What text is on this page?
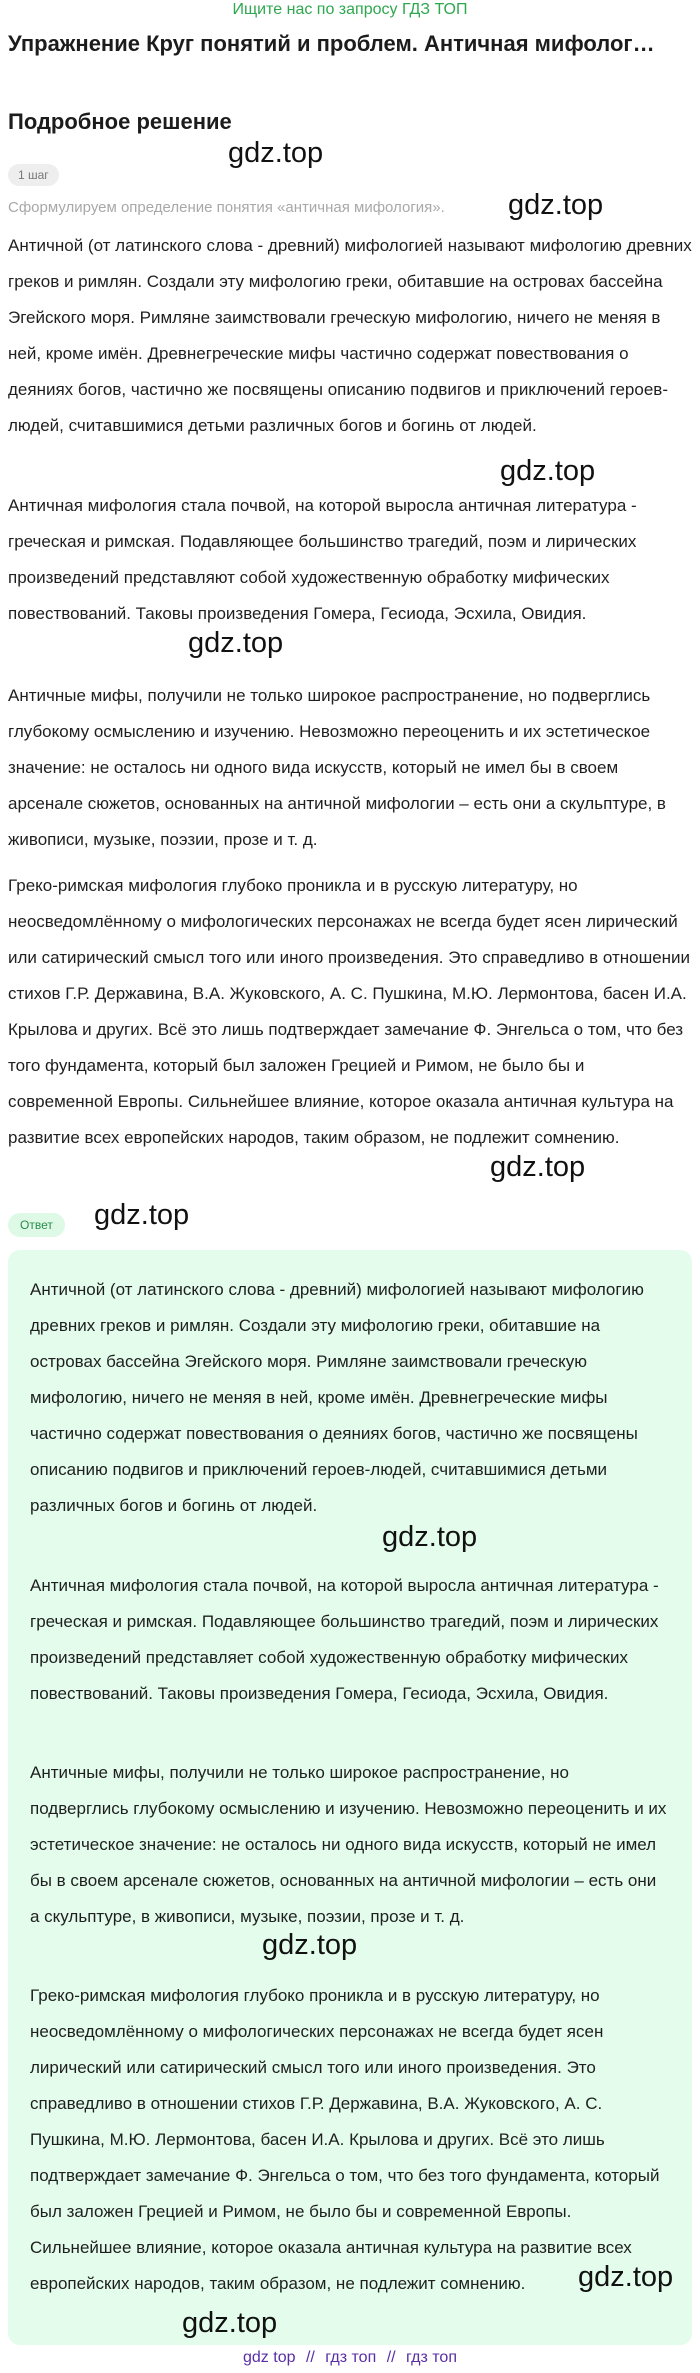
Ищите нас по запросу ГДЗ ТОП
Упражнение Круг понятий и проблем. Античная мифолог…
Подробное решение
1 шаг
Сформулируем определение понятия «античная мифология».

Античной (от латинского слова - древний) мифологией называют мифологию древних греков и римлян. Создали эту мифологию греки, обитавшие на островах бассейна Эгейского моря. Римляне заимствовали греческую мифологию, ничего не меняя в ней, кроме имён. Древнегреческие мифы частично содержат повествования о деяниях богов, частично же посвящены описанию подвигов и приключений героев-людей, считавшимися детьми различных богов и богинь от людей.

Античная мифология стала почвой, на которой выросла античная литература - греческая и римская. Подавляющее большинство трагедий, поэм и лирических произведений представляют собой художественную обработку мифических повествований. Таковы произведения Гомера, Гесиода, Эсхила, Овидия.

Античные мифы, получили не только широкое распространение, но подверглись глубокому осмыслению и изучению. Невозможно переоценить и их эстетическое значение: не осталось ни одного вида искусств, который не имел бы в своем арсенале сюжетов, основанных на античной мифологии – есть они а скульптуре, в живописи, музыке, поэзии, прозе и т. д.

Греко-римская мифология глубоко проникла и в русскую литературу, но неосведомлённому о мифологических персонажах не всегда будет ясен лирический или сатирический смысл того или иного произведения. Это справедливо в отношении стихов Г.Р. Державина, В.А. Жуковского, А. С. Пушкина, М.Ю. Лермонтова, басен И.А. Крылова и других. Всё это лишь подтверждает замечание Ф. Энгельса о том, что без того фундамента, который был заложен Грецией и Римом, не было бы и современной Европы. Сильнейшее влияние, которое оказала античная культура на развитие всех европейских народов, таким образом, не подлежит сомнению.

Ответ

Античной (от латинского слова - древний) мифологией называют мифологию древних греков и римлян. Создали эту мифологию греки, обитавшие на островах бассейна Эгейского моря. Римляне заимствовали греческую мифологию, ничего не меняя в ней, кроме имён. Древнегреческие мифы частично содержат повествования о деяниях богов, частично же посвящены описанию подвигов и приключений героев-людей, считавшимися детьми различных богов и богинь от людей.

Античная мифология стала почвой, на которой выросла античная литература - греческая и римская. Подавляющее большинство трагедий, поэм и лирических произведений представляет собой художественную обработку мифических повествований. Таковы произведения Гомера, Гесиода, Эсхила, Овидия.

Античные мифы, получили не только широкое распространение, но подверглись глубокому осмыслению и изучению. Невозможно переоценить и их эстетическое значение: не осталось ни одного вида искусств, который не имел бы в своем арсенале сюжетов, основанных на античной мифологии – есть они а скульптуре, в живописи, музыке, поэзии, прозе и т. д.

Греко-римская мифология глубоко проникла и в русскую литературу, но неосведомлённому о мифологических персонажах не всегда будет ясен лирический или сатирический смысл того или иного произведения. Это справедливо в отношении стихов Г.Р. Державина, В.А. Жуковского, А. С. Пушкина, М.Ю. Лермонтова, басен И.А. Крылова и других. Всё это лишь подтверждает замечание Ф. Энгельса о том, что без того фундамента, который был заложен Грецией и Римом, не было бы и современной Европы. Сильнейшее влияние, которое оказала античная культура на развитие всех европейских народов, таким образом, не подлежит сомнению.

gdz.top
gdz.top
gdz.top
gdz.top
gdz.top
gdz.top
gdz.top
gdz.top
gdz.top
gdz.top
gdz top // гдз топ // гдз топ
